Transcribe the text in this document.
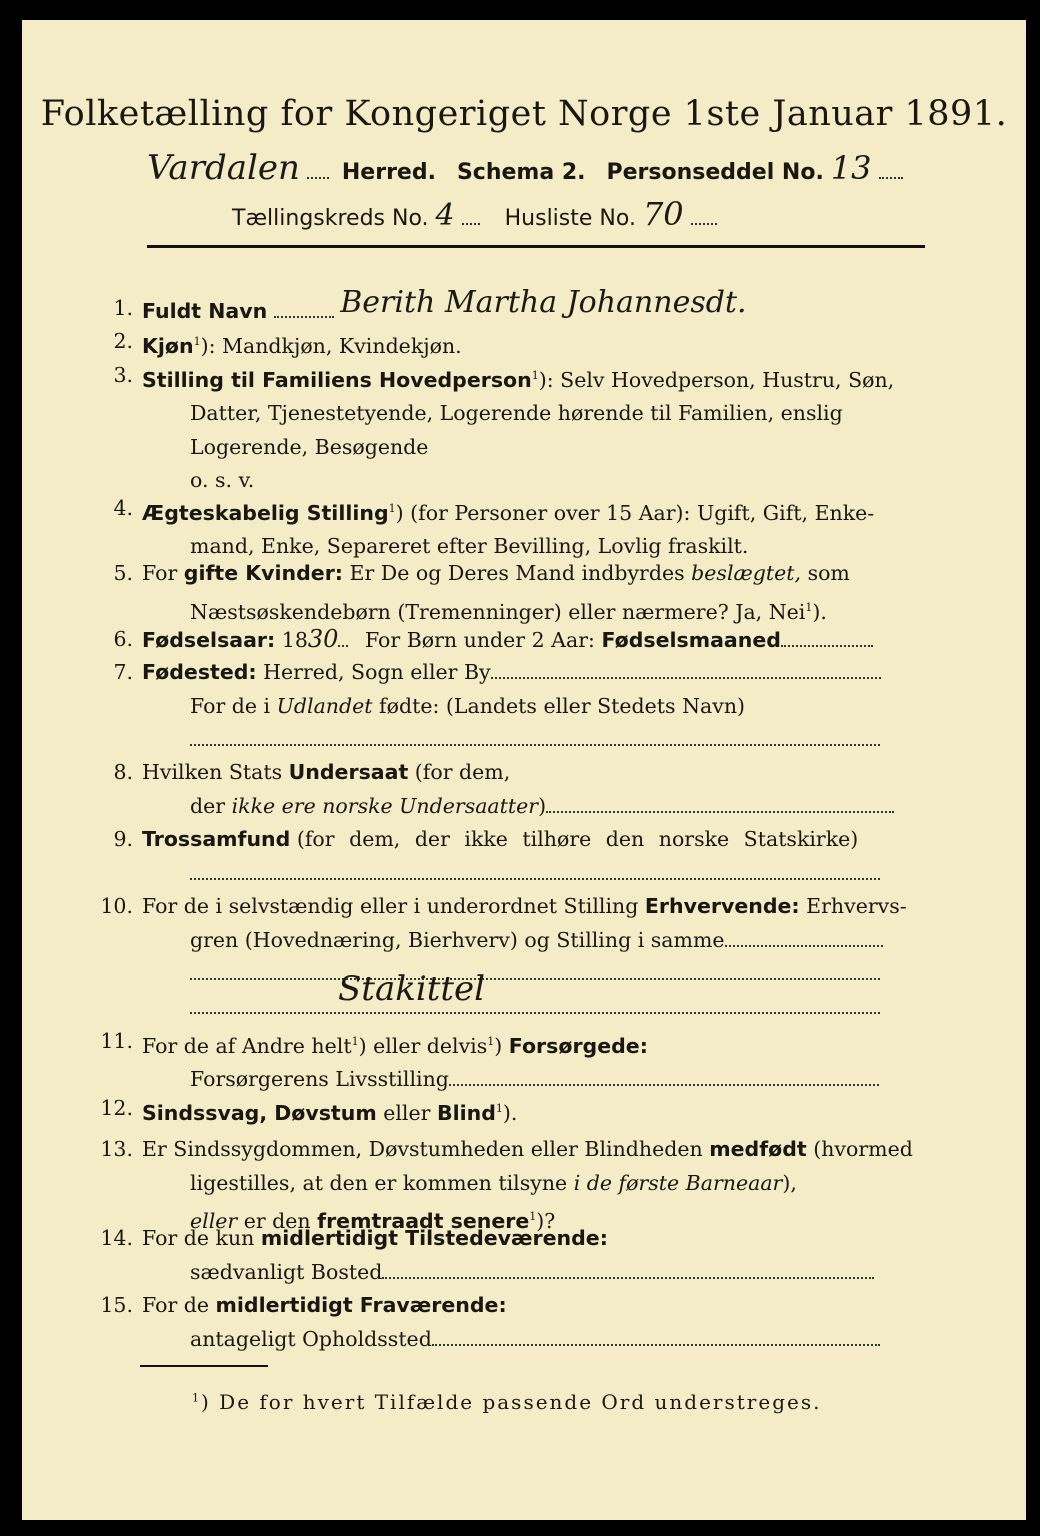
Folketælling for Kongeriget Norge 1ste Januar 1891.
Vardalen Herred. Schema 2. Personseddel No. 13
Tællingskreds No. 4 Husliste No. 70
1. Fuldt Navn Berith Martha Johannesdt.
2. Kjøn$^1$): Mandkjøn, Kvindekjøn.
3. Stilling til Familiens Hovedperson$^1$): Selv Hovedperson, Hustru, Søn,
Datter, Tjenestetyende, Logerende hørende til Familien, enslig
Logerende, Besøgende
o. s. v.
4. Ægteskabelig Stilling$^1$) (for Personer over 15 Aar): Ugift, Gift, Enke-
mand, Enke, Separeret efter Bevilling, Lovlig fraskilt.
5. For gifte Kvinder: Er De og Deres Mand indbyrdes beslægtet, som
Næstsøskendebørn (Tremenninger) eller nærmere? Ja, Nei$^1$).
6. Fødselsaar: 1830 For Børn under 2 Aar: Fødselsmaaned
7. Fødested: Herred, Sogn eller By
For de i Udlandet fødte: (Landets eller Stedets Navn)
8. Hvilken Stats Undersaat (for dem,
der ikke ere norske Undersaatter)
9. Trossamfund (for dem, der ikke tilhøre den norske Statskirke)
10. For de i selvstændig eller i underordnet Stilling Erhvervende: Erhvervs-
gren (Hovednæring, Bierhverv) og Stilling i samme
Stakittel
11. For de af Andre helt$^1$) eller delvis$^1$) Forsørgede:
Forsørgerens Livsstilling
12. Sindssvag, Døvstum eller Blind$^1$).
13. Er Sindssygdommen, Døvstumheden eller Blindheden medfødt (hvormed
ligestilles, at den er kommen tilsyne i de første Barneaar),
eller er den fremtraadt senere$^1$)?
14. For de kun midlertidigt Tilstedeværende:
sædvanligt Bosted
15. For de midlertidigt Fraværende:
antageligt Opholdssted
$^1$) De for hvert Tilfælde passende Ord understreges.
